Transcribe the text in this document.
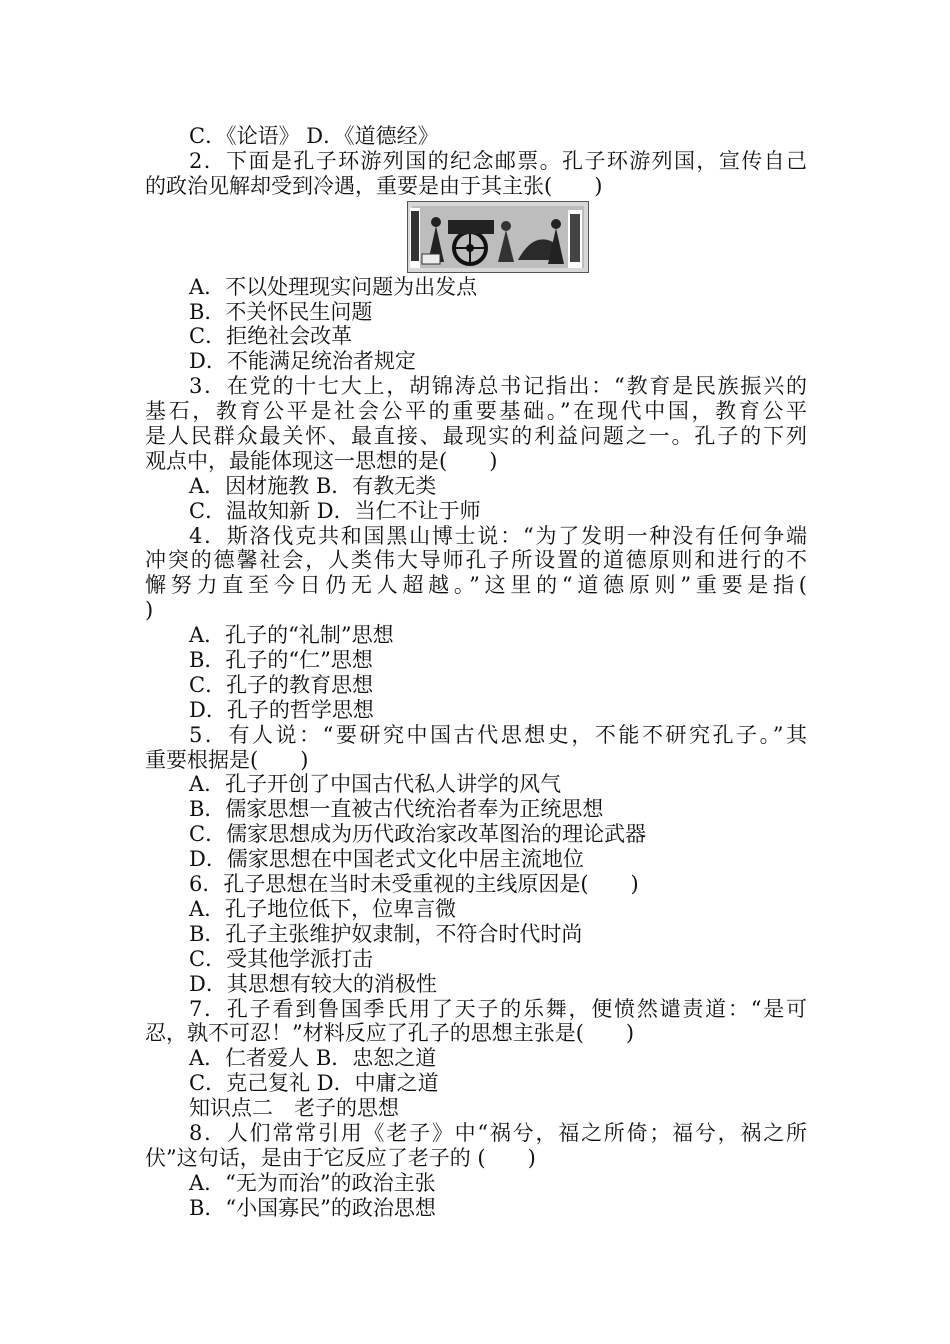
C．《论语》 D．《道德经》
2．下面是孔子环游列国的纪念邮票。孔子环游列国，宣传自己
的政治见解却受到冷遇，重要是由于其主张(　　)
A．不以处理现实问题为出发点
B．不关怀民生问题
C．拒绝社会改革
D．不能满足统治者规定
3．在党的十七大上，胡锦涛总书记指出：“教育是民族振兴的
基石，教育公平是社会公平的重要基础。”在现代中国，教育公平
是人民群众最关怀、最直接、最现实的利益问题之一。孔子的下列
观点中，最能体现这一思想的是(　　)
A．因材施教 B．有教无类
C．温故知新 D．当仁不让于师
4．斯洛伐克共和国黑山博士说：“为了发明一种没有任何争端
冲突的德馨社会，人类伟大导师孔子所设置的道德原则和进行的不
懈努力直至今日仍无人超越。”这里的“道德原则”重要是指(
)
A．孔子的“礼制”思想
B．孔子的“仁”思想
C．孔子的教育思想
D．孔子的哲学思想
5．有人说：“要研究中国古代思想史，不能不研究孔子。”其
重要根据是(　　)
A．孔子开创了中国古代私人讲学的风气
B．儒家思想一直被古代统治者奉为正统思想
C．儒家思想成为历代政治家改革图治的理论武器
D．儒家思想在中国老式文化中居主流地位
6．孔子思想在当时未受重视的主线原因是(　　)
A．孔子地位低下，位卑言微
B．孔子主张维护奴隶制，不符合时代时尚
C．受其他学派打击
D．其思想有较大的消极性
7．孔子看到鲁国季氏用了天子的乐舞，便愤然谴责道：“是可
忍，孰不可忍！”材料反应了孔子的思想主张是(　　)
A．仁者爱人 B．忠恕之道
C．克己复礼 D．中庸之道
知识点二　老子的思想
8．人们常常引用《老子》中“祸兮，福之所倚；福兮，祸之所
伏”这句话，是由于它反应了老子的 (　　)
A．“无为而治”的政治主张
B．“小国寡民”的政治思想
